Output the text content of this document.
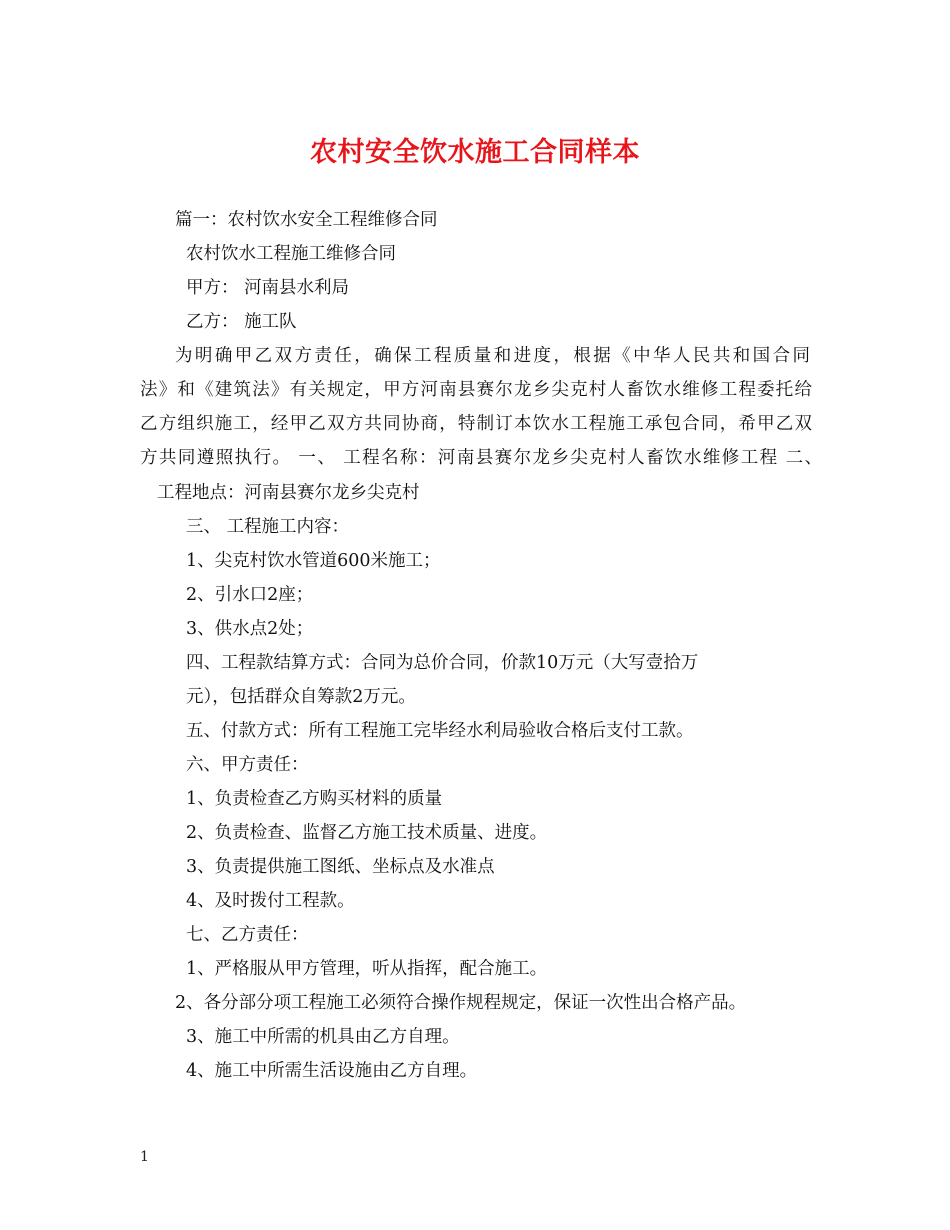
农村安全饮水施工合同样本
篇一：农村饮水安全工程维修合同
农村饮水工程施工维修合同
甲方： 河南县水利局
乙方： 施工队
为明确甲乙双方责任，确保工程质量和进度，根据《中华人民共和国合同
法》和《建筑法》有关规定，甲方河南县赛尔龙乡尖克村人畜饮水维修工程委托给
乙方组织施工，经甲乙双方共同协商，特制订本饮水工程施工承包合同，希甲乙双
方共同遵照执行。 一、 工程名称：河南县赛尔龙乡尖克村人畜饮水维修工程 二、
工程地点：河南县赛尔龙乡尖克村
三、 工程施工内容：
1、尖克村饮水管道600米施工；
2、引水口2座；
3、供水点2处；
四、工程款结算方式：合同为总价合同，价款10万元（大写壹拾万
元），包括群众自筹款2万元。
五、付款方式：所有工程施工完毕经水利局验收合格后支付工款。
六、甲方责任：
1、负责检查乙方购买材料的质量
2、负责检查、监督乙方施工技术质量、进度。
3、负责提供施工图纸、坐标点及水准点
4、及时拨付工程款。
七、乙方责任：
1、严格服从甲方管理，听从指挥，配合施工。
2、各分部分项工程施工必须符合操作规程规定，保证一次性出合格产品。
3、施工中所需的机具由乙方自理。
4、施工中所需生活设施由乙方自理。
1
